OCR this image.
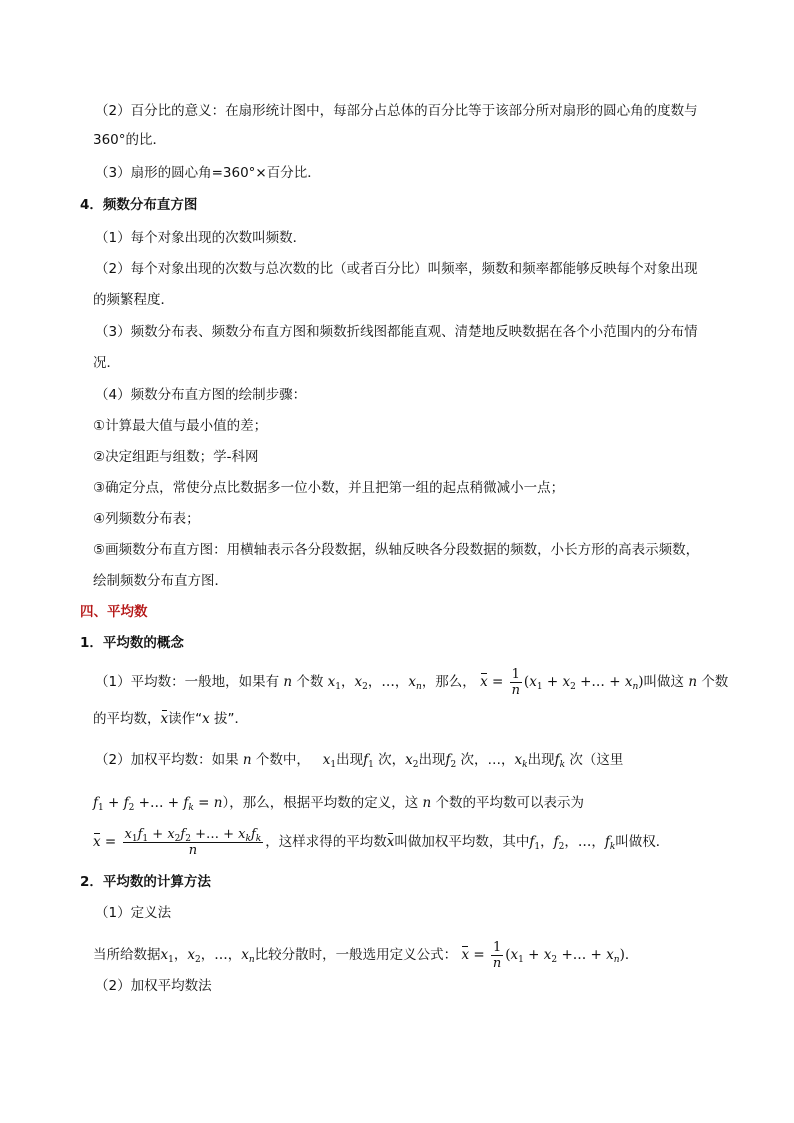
（2）百分比的意义：在扇形统计图中，每部分占总体的百分比等于该部分所对扇形的圆心角的度数与
360°的比．
（3）扇形的圆心角=360°×百分比．
4．频数分布直方图
（1）每个对象出现的次数叫频数．
（2）每个对象出现的次数与总次数的比（或者百分比）叫频率，频数和频率都能够反映每个对象出现
的频繁程度．
（3）频数分布表、频数分布直方图和频数折线图都能直观、清楚地反映数据在各个小范围内的分布情
况．
（4）频数分布直方图的绘制步骤：
①计算最大值与最小值的差；
②决定组距与组数；学-科网
③确定分点，常使分点比数据多一位小数，并且把第一组的起点稍微减小一点；
④列频数分布表；
⑤画频数分布直方图：用横轴表示各分段数据，纵轴反映各分段数据的频数，小长方形的高表示频数，
绘制频数分布直方图．
四、平均数
1．平均数的概念
（1）平均数：一般地，如果有 n 个数 $x_1$，$x_2$，…，$x_n$，那么， $x = \frac{1}{n} (x_1 + x_2$ +… + $x_n$)叫做这 n 个数
的平均数，x读作“x 拔”．
（2）加权平均数：如果 n 个数中， $x_1$出现$f_1$ 次，$x_2$出现$f_2$ 次，…，$x_k$出现$f_k$ 次（这里
$f_1 + f_2$ +… + $f_k = n$），那么，根据平均数的定义，这 n 个数的平均数可以表示为
$x = \frac{x_1f_1 + x_2f_2 +\dots + x_kf_k}{n}$ ，这样求得的平均数x叫做加权平均数，其中$f_1$，$f_2$，…，$f_k$叫做权．
2．平均数的计算方法
（1）定义法
当所给数据$x_1$，$x_2$，…，$x_n$比较分散时，一般选用定义公式： $x = \frac{1}{n} (x_1 + x_2$ +… + $x_n$)．
（2）加权平均数法
